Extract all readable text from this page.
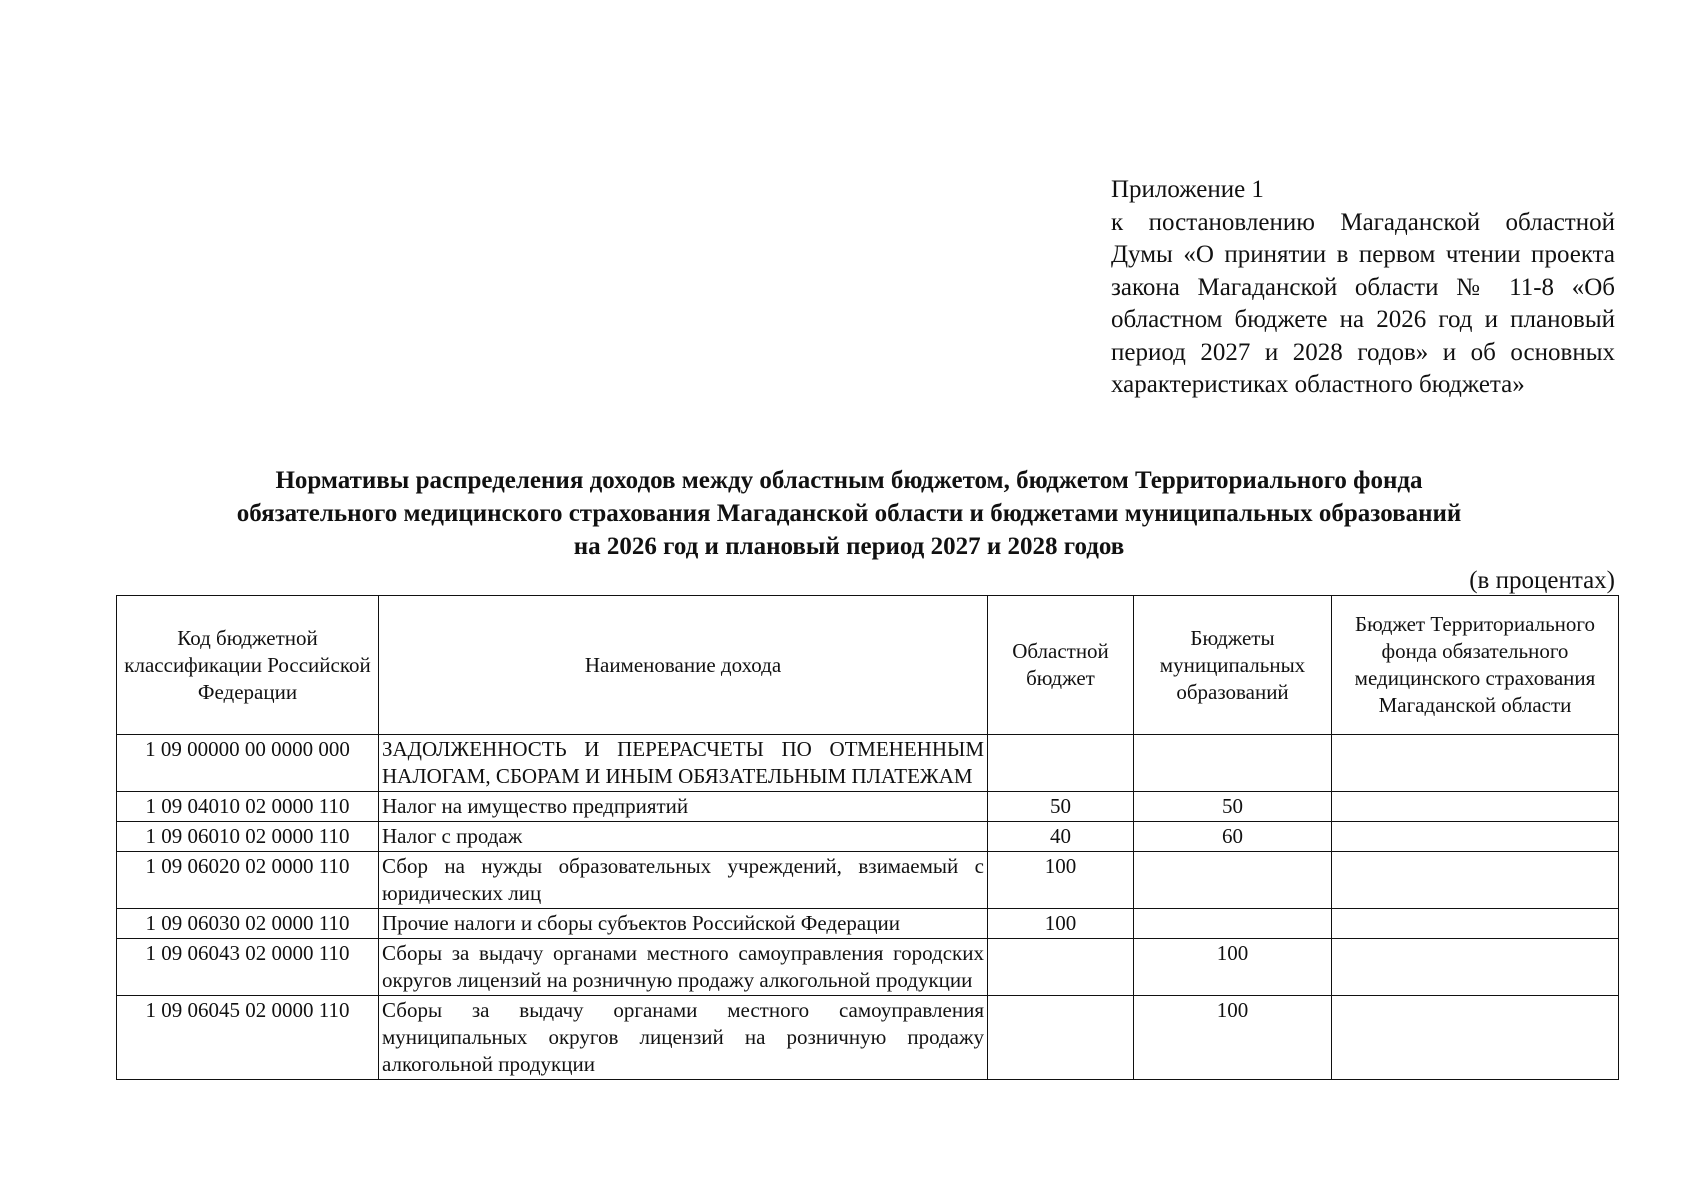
Приложение 1
к постановлению Магаданской областной Думы «О принятии в первом чтении проекта закона Магаданской области № 11-8 «Об областном бюджете на 2026 год и плановый период 2027 и 2028 годов» и об основных характеристиках областного бюджета»
Нормативы распределения доходов между областным бюджетом, бюджетом Территориального фонда
обязательного медицинского страхования Магаданской области и бюджетами муниципальных образований
на 2026 год и плановый период 2027 и 2028 годов
(в процентах)
Код бюджетной классификации Российской Федерации	Наименование дохода	Областной бюджет	Бюджеты муниципальных образований	Бюджет Территориального фонда обязательного медицинского страхования Магаданской области
1 09 00000 00 0000 000	ЗАДОЛЖЕННОСТЬ И ПЕРЕРАСЧЕТЫ ПО ОТМЕНЕННЫМ НАЛОГАМ, СБОРАМ И ИНЫМ ОБЯЗАТЕЛЬНЫМ ПЛАТЕЖАМ			
1 09 04010 02 0000 110	Налог на имущество предприятий	50	50	
1 09 06010 02 0000 110	Налог с продаж	40	60	
1 09 06020 02 0000 110	Сбор на нужды образовательных учреждений, взимаемый с юридических лиц	100		
1 09 06030 02 0000 110	Прочие налоги и сборы субъектов Российской Федерации	100		
1 09 06043 02 0000 110	Сборы за выдачу органами местного самоуправления городских округов лицензий на розничную продажу алкогольной продукции		100	
1 09 06045 02 0000 110	Сборы за выдачу органами местного самоуправления муниципальных округов лицензий на розничную продажу алкогольной продукции		100	
